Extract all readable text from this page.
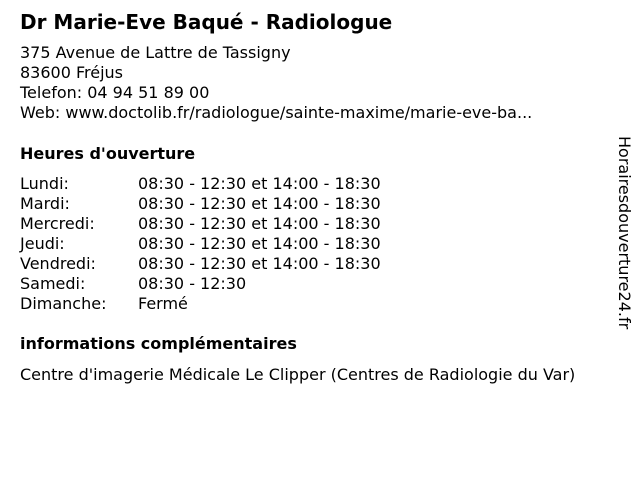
Dr Marie-Eve Baqué - Radiologue
375 Avenue de Lattre de Tassigny
83600 Fréjus
Telefon: 04 94 51 89 00
Web: www.doctolib.fr/radiologue/sainte-maxime/marie-eve-ba...
Heures d'ouverture
Lundi:	08:30 - 12:30 et 14:00 - 18:30
Mardi:	08:30 - 12:30 et 14:00 - 18:30
Mercredi:	08:30 - 12:30 et 14:00 - 18:30
Jeudi:	08:30 - 12:30 et 14:00 - 18:30
Vendredi:	08:30 - 12:30 et 14:00 - 18:30
Samedi:	08:30 - 12:30
Dimanche: Fermé
informations complémentaires
Centre d'imagerie Médicale Le Clipper (Centres de Radiologie du Var)
Horairesdouverture24.fr
